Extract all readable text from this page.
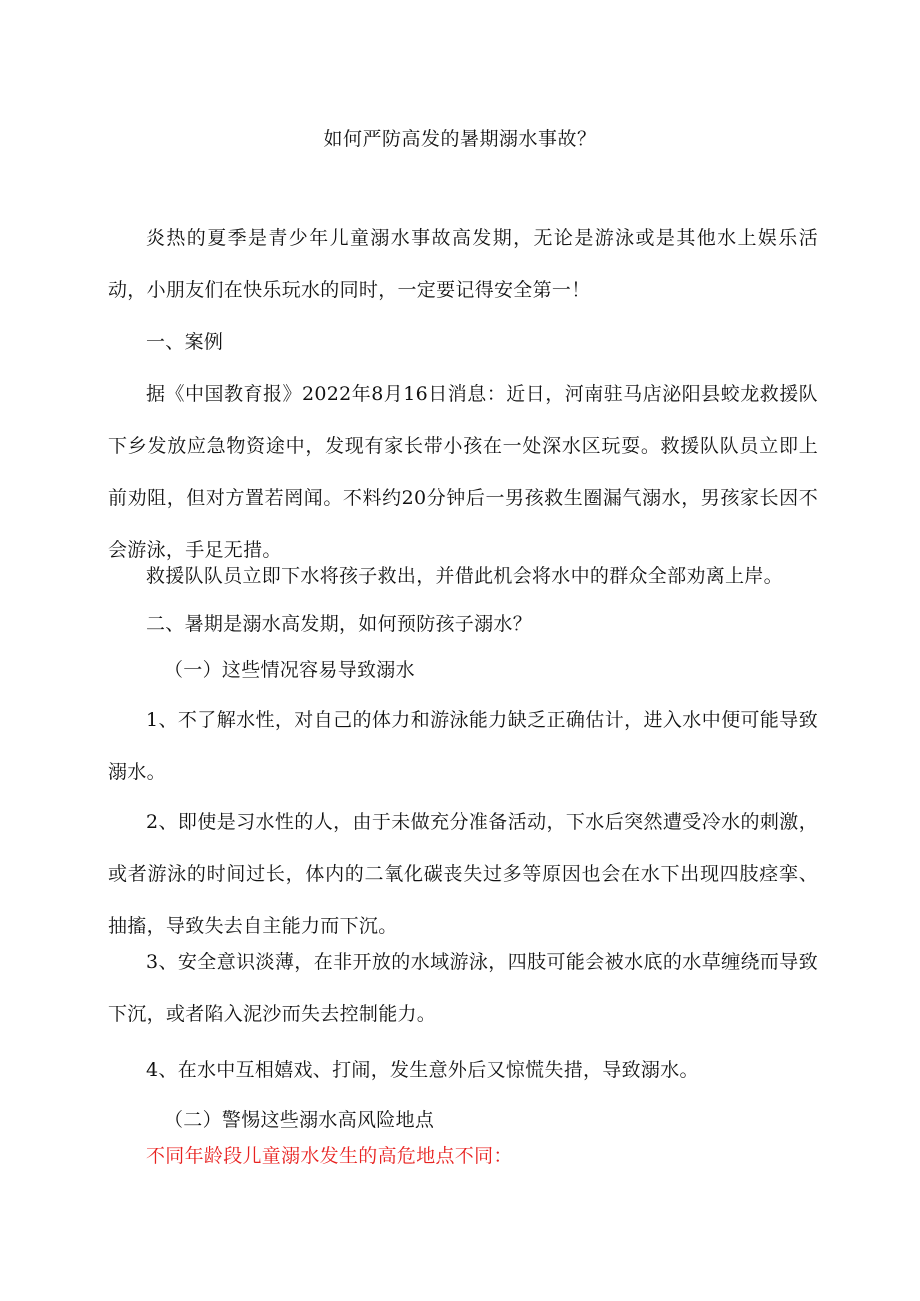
如何严防高发的暑期溺水事故？
炎热的夏季是青少年儿童溺水事故高发期，无论是游泳或是其他水上娱乐活动，小朋友们在快乐玩水的同时，一定要记得安全第一！
一、案例
据《中国教育报》2022年8月16日消息：近日，河南驻马店泌阳县蛟龙救援队下乡发放应急物资途中，发现有家长带小孩在一处深水区玩耍。救援队队员立即上前劝阻，但对方置若罔闻。不料约20分钟后一男孩救生圈漏气溺水，男孩家长因不会游泳，手足无措。
救援队队员立即下水将孩子救出，并借此机会将水中的群众全部劝离上岸。
二、暑期是溺水高发期，如何预防孩子溺水？
（一）这些情况容易导致溺水
1、不了解水性，对自己的体力和游泳能力缺乏正确估计，进入水中便可能导致溺水。
2、即使是习水性的人，由于未做充分准备活动，下水后突然遭受冷水的刺激，或者游泳的时间过长，体内的二氧化碳丧失过多等原因也会在水下出现四肢痉挛、抽搐，导致失去自主能力而下沉。
3、安全意识淡薄，在非开放的水域游泳，四肢可能会被水底的水草缠绕而导致下沉，或者陷入泥沙而失去控制能力。
4、在水中互相嬉戏、打闹，发生意外后又惊慌失措，导致溺水。
（二）警惕这些溺水高风险地点
不同年龄段儿童溺水发生的高危地点不同：
